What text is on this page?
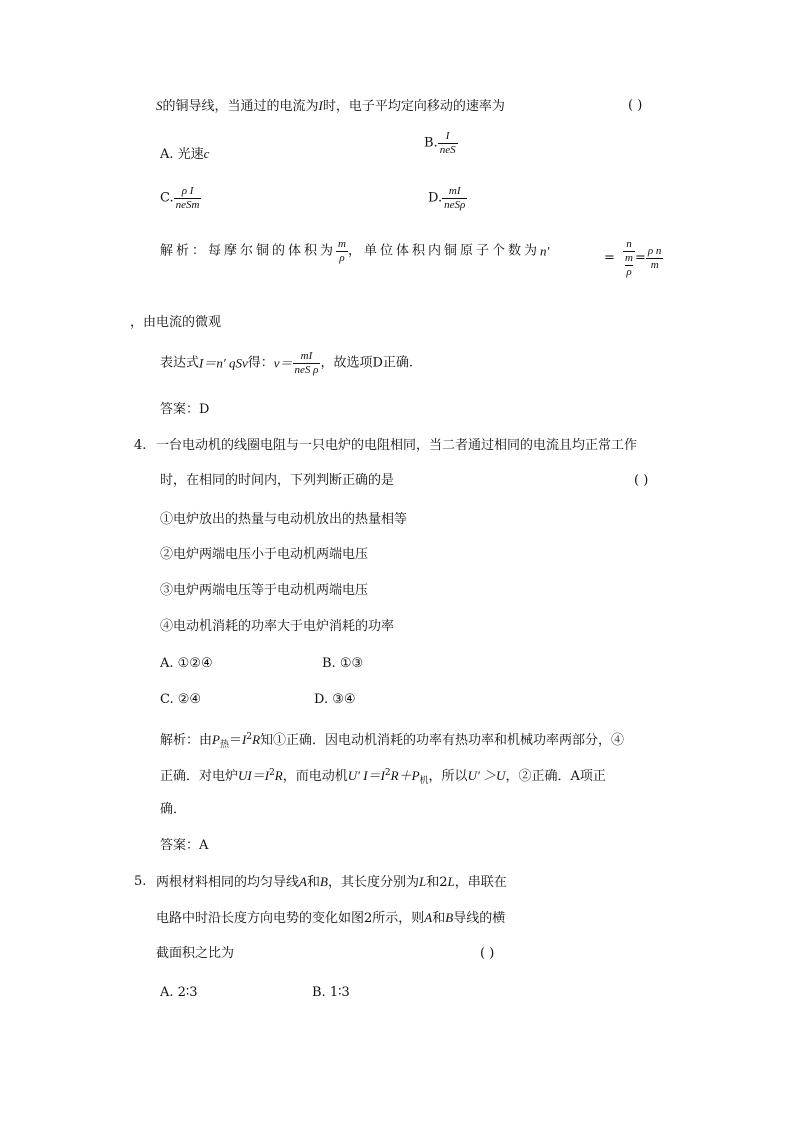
S的铜导线，当通过的电流为I时，电子平均定向移动的速率为	( )
A. 光速c
B. $\frac{I}{\text{neS}}$
C. $\frac{\text{ρ I}}{\text{neSm}}$	D. $\frac{mI}{\text{neSρ}}$
解析：每摩尔铜的体积为 $\frac{m}{\rho}$ ，单位体积内铜原子个数为n′	= n
m
$\rho = \frac{\text{ρ n}}{m}$
，由电流的微观
表达式I＝n′ qSv得：$v= \frac{mI}{\text{neS ρ}}$ ，故选项D正确.
答案：D
4. 一台电动机的线圈电阻与一只电炉的电阻相同，当二者通过相同的电流且均正常工作
时，在相同的时间内，下列判断正确的是	( )
①电炉放出的热量与电动机放出的热量相等
②电炉两端电压小于电动机两端电压
③电炉两端电压等于电动机两端电压
④电动机消耗的功率大于电炉消耗的功率
A. ①②④	B. ①③
C. ②④	D. ③④
解析：由$P_热=I^2R$知①正确．因电动机消耗的功率有热功率和机械功率两部分，④
正确．对电炉$UI=I^2R$，而电动机U′ $I=I^2R+P_机$，所以U′ ＞U，②正确．A项正
确．
答案：A
5. 两根材料相同的均匀导线A和B，其长度分别为L和2L，串联在
电路中时沿长度方向电势的变化如图2所示，则A和B导线的横
截面积之比为	( )
A. 2∶3	B. 1∶3
